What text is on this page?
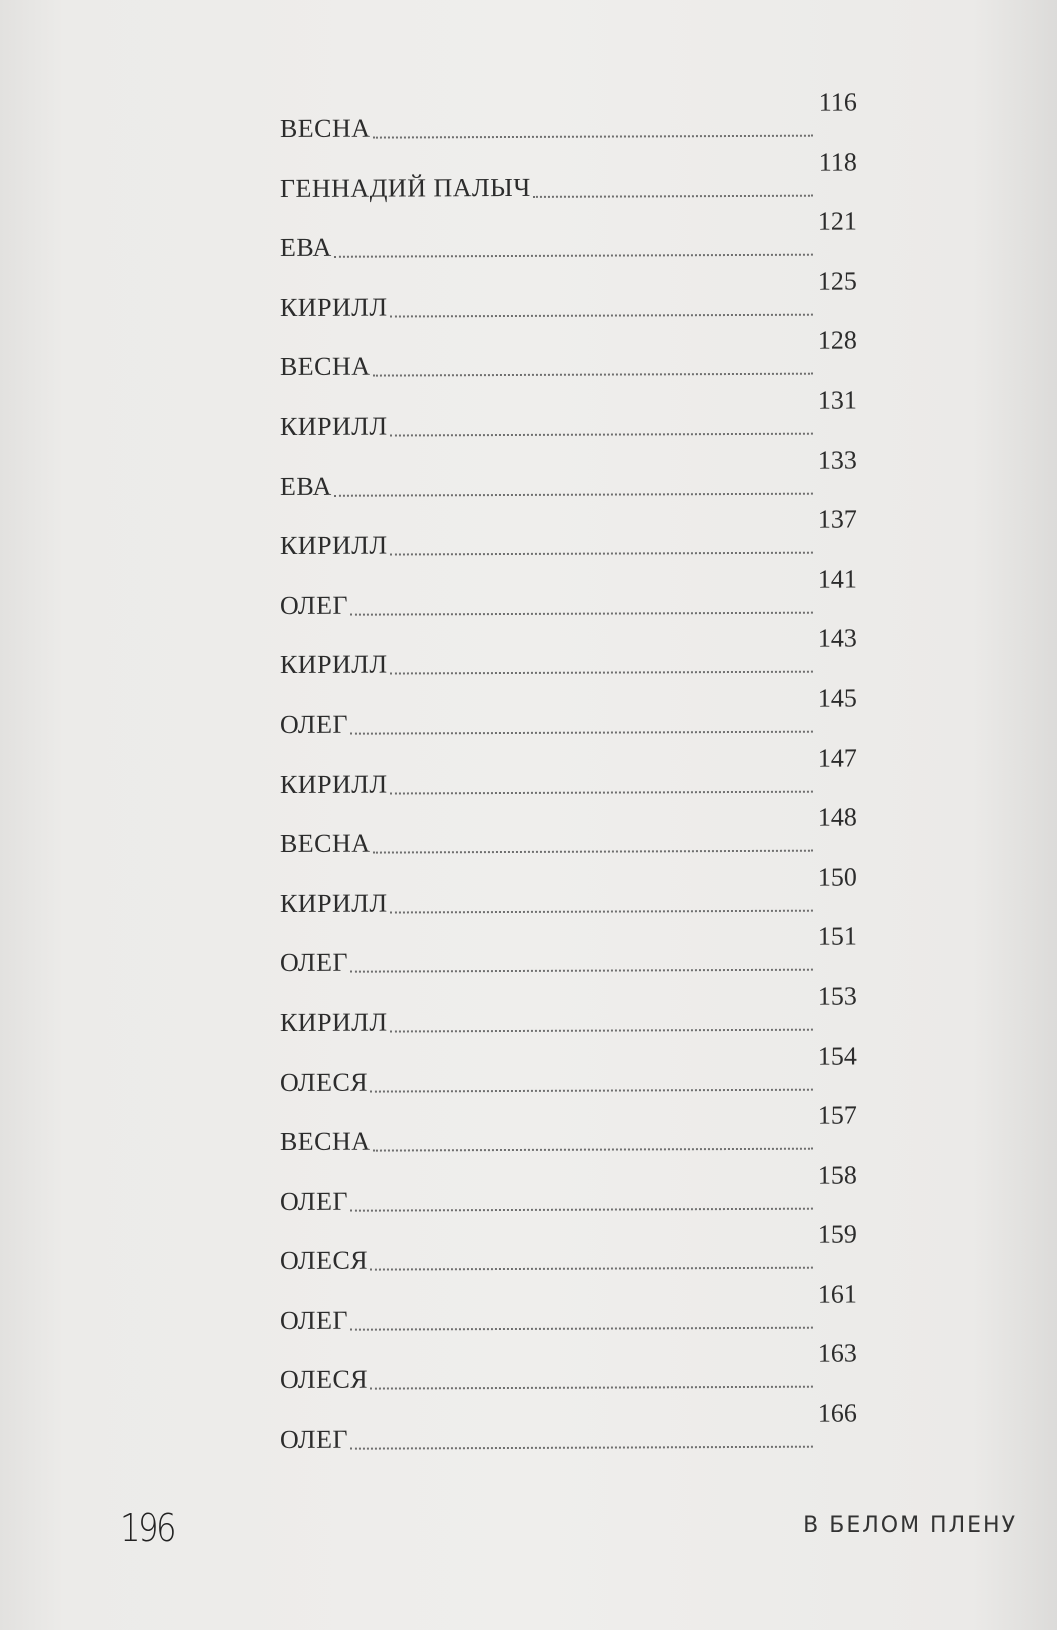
ВЕСНА
116
ГЕННАДИЙ ПАЛЫЧ
118
ЕВА
121
КИРИЛЛ
125
ВЕСНА
128
КИРИЛЛ
131
ЕВА
133
КИРИЛЛ
137
ОЛЕГ
141
КИРИЛЛ
143
ОЛЕГ
145
КИРИЛЛ
147
ВЕСНА
148
КИРИЛЛ
150
ОЛЕГ
151
КИРИЛЛ
153
ОЛЕСЯ
154
ВЕСНА
157
ОЛЕГ
158
ОЛЕСЯ
159
ОЛЕГ
161
ОЛЕСЯ
163
ОЛЕГ
166
196	В БЕЛОМ ПЛЕНУ
